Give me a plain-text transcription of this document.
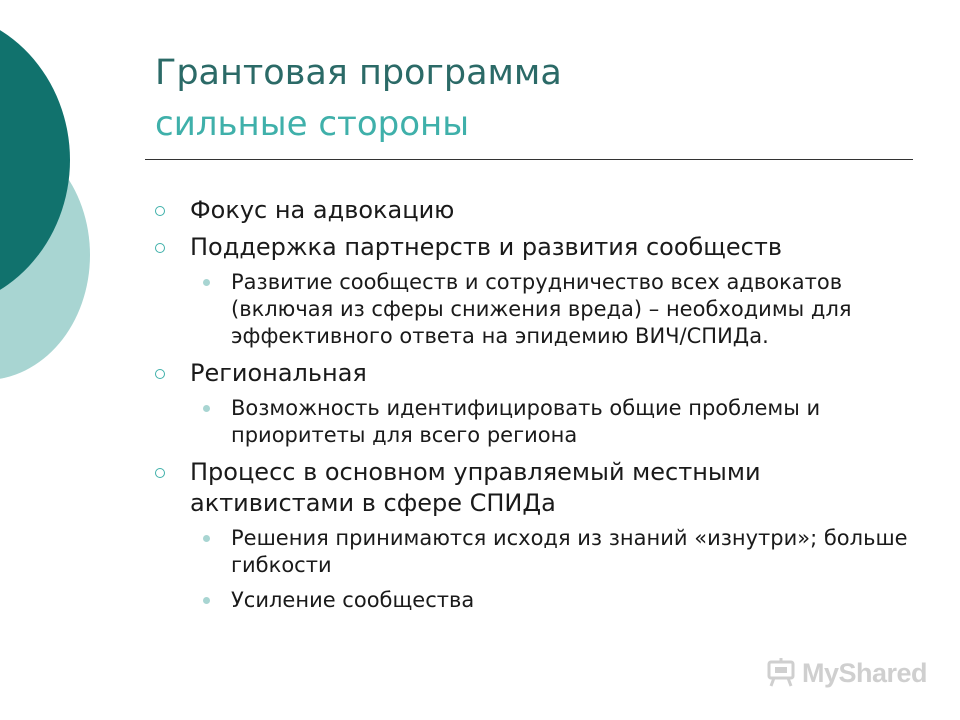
Грантовая программа
сильные стороны
Фокус на адвокацию
Поддержка партнерств и развития сообществ
Развитие сообществ и сотрудничество всех адвокатов (включая из сферы снижения вреда) – необходимы для эффективного ответа на эпидемию ВИЧ/СПИДа.
Региональная
Возможность идентифицировать общие проблемы и приоритеты для всего региона
Процесс в основном управляемый местными активистами в сфере СПИДа
Решения принимаются исходя из знаний «изнутри»; больше гибкости
Усиление сообщества
MyShared
